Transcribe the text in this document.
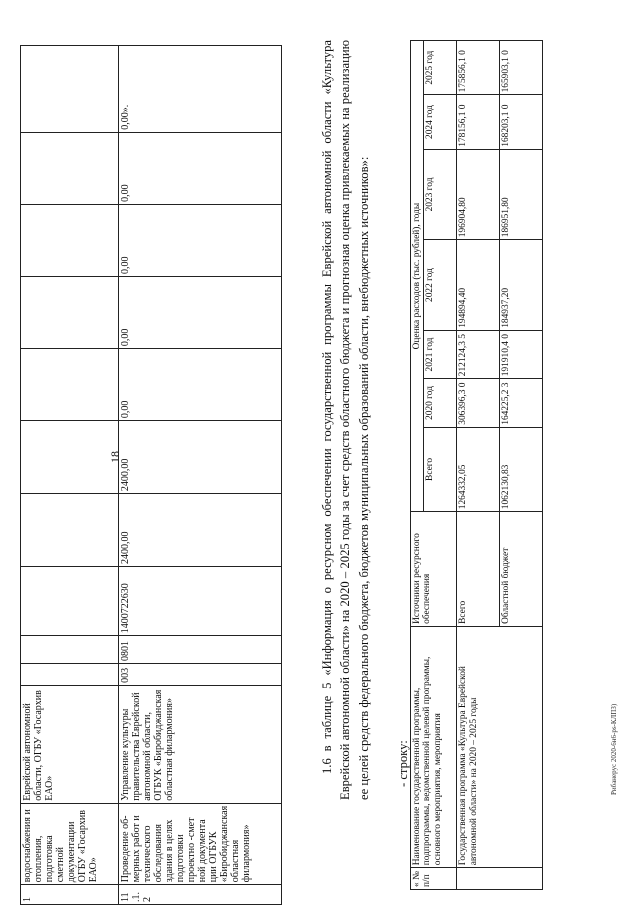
18
1	водоснабжения и отопления, подготовка сметной документации ОГБУ «Госархив ЕАО»	Еврейской автономной области, ОГБУ «Госархив ЕАО»										
11 .1. 2	Проведение об-мерных работ и технического обследования здания в целях подготовки проектно -смет ной документа ции ОГБУК «Биробиджанская областная филармония»	Управление культуры правительства Еврейской автономной области, ОГБУК «Биробиджанская областная филармония»	003	0801	1400722630	2400,00	2400,00	0,00	0,00	0,00	0,00	0,00».	1.6 в таблице 5 «Информация о ресурсном обеспечении государственной программы Еврейской автономной области «Культура Еврейской автономной области» на 2020 – 2025 годы за счет средств областного бюджета и прогнозная оценка привлекаемых на реализацию ее целей средств федерального бюджета, бюджетов муниципальных образований области, внебюджетных источников»: - строку:
« № п/п	Наименование государственной программы, подпрограммы, ведомственной целевой программы, основного мероприятия, мероприятия	Источники ресурсного обеспечения	Оценка расходов (тыс. рублей), годы						
			Всего	2020 год	2021 год	2022 год	2023 год	2024 год	2025 год
	Государственная программа «Культура Еврейской автономной области» на 2020 – 2025 годы	Всего	1264332,05	306396,3 0	212124,3 5	194894,40	196904,80	178156,1 0	175856,1 0
		Областной бюджет	1062130,83	164225,2 3	191910,4 0	184937,20	186951,80	168203,1 0	165903,1 0
Рибанерус 2020-6н6-ps-КЛПЗ)
